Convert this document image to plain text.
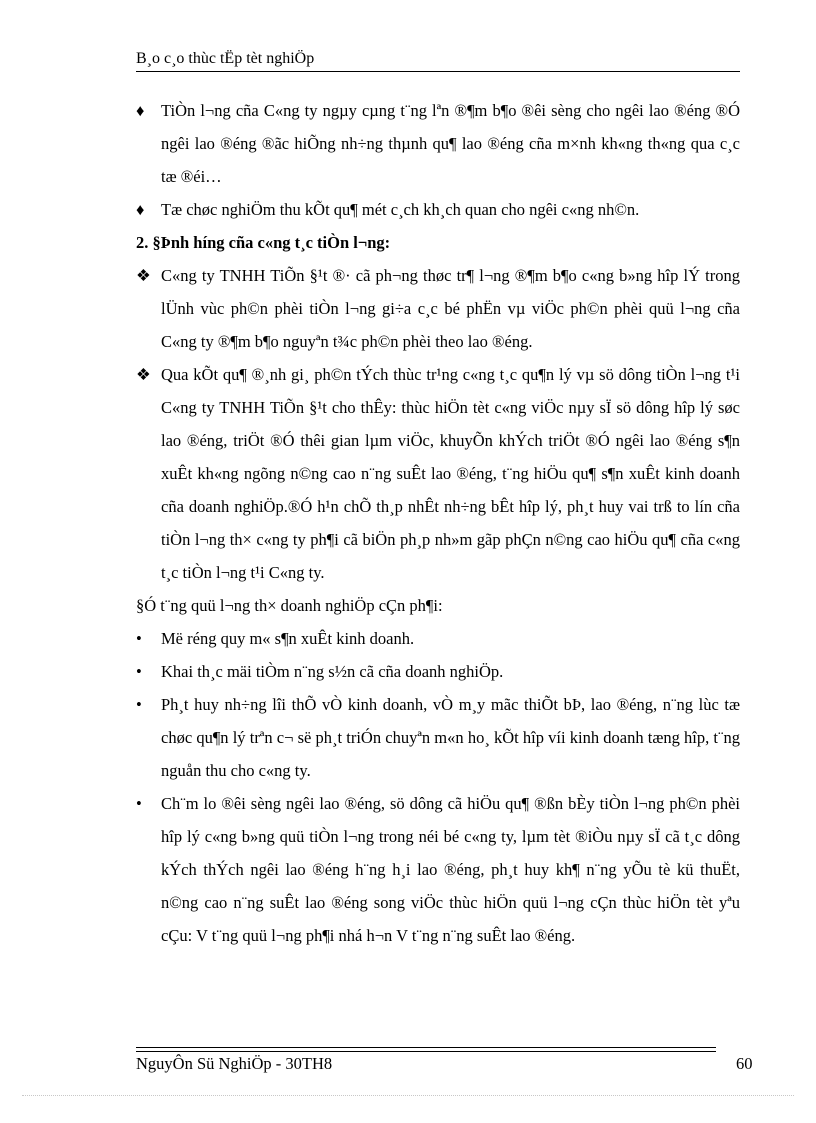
B¸o c¸o thùc tËp tèt nghiÖp
♦	TiÒn l¬ng cña C«ng ty ngµy cµng t¨ng lªn ®¶m b¶o ®êi sèng cho ngêi lao ®éng ®Ó ngêi lao ®éng ®ãc hiÕng nh÷ng thµnh qu¶ lao ®éng cña m×nh kh«ng th«ng qua c¸c tæ ®éi…
♦	Tæ chøc nghiÖm thu kÕt qu¶ mét c¸ch kh¸ch quan cho ngêi c«ng nh©n.
2. §Þnh híng cña c«ng t¸c tiÒn l¬ng:
❖ C«ng ty TNHH TiÕn §¹t ®· cã ph¬ng thøc tr¶ l¬ng ®¶m b¶o c«ng b»ng hîp lÝ trong lÜnh vùc ph©n phèi tiÒn l¬ng gi÷a c¸c bé phËn vµ viÖc ph©n phèi quü l¬ng cña C«ng ty ®¶m b¶o nguyªn t¾c ph©n phèi theo lao ®éng.
❖ Qua kÕt qu¶ ®¸nh gi¸ ph©n tÝch thùc tr¹ng c«ng t¸c qu¶n lý vµ sö dông tiÒn l¬ng t¹i C«ng ty TNHH TiÕn §¹t cho thÊy: thùc hiÖn tèt c«ng viÖc nµy sÏ sö dông hîp lý søc lao ®éng, triÖt ®Ó thêi gian lµm viÖc, khuyÕn khÝch triÖt ®Ó ngêi lao ®éng s¶n xuÊt kh«ng ngõng n©ng cao n¨ng suÊt lao ®éng, t¨ng hiÖu qu¶ s¶n xuÊt kinh doanh cña doanh nghiÖp.®Ó h¹n chÕ th¸p nhÊt nh÷ng bÊt hîp lý, ph¸t huy vai trß to lín cña tiÒn l¬ng th× c«ng ty ph¶i cã biÖn ph¸p nh»m gãp phÇn n©ng cao hiÖu qu¶ cña c«ng t¸c tiÒn l¬ng t¹i C«ng ty.
§Ó t¨ng quü l¬ng th× doanh nghiÖp cÇn ph¶i:
•	Më réng quy m« s¶n xuÊt kinh doanh.
•	Khai th¸c mäi tiÒm n¨ng s½n cã cña doanh nghiÖp.
•	Ph¸t huy nh÷ng lîi thÕ vÒ kinh doanh, vÒ m¸y mãc thiÕt bÞ, lao ®éng, n¨ng lùc tæ chøc qu¶n lý trªn c¬ së ph¸t triÓn chuyªn m«n ho¸ kÕt hîp víi kinh doanh tæng hîp, t¨ng nguån thu cho c«ng ty.
•	Ch¨m lo ®êi sèng ngêi lao ®éng, sö dông cã hiÖu qu¶ ®ßn bÈy tiÒn l¬ng ph©n phèi hîp lý c«ng b»ng quü tiÒn l¬ng trong néi bé c«ng ty, lµm tèt ®iÒu nµy sÏ cã t¸c dông kÝch thÝch ngêi lao ®éng h¨ng h¸i lao ®éng, ph¸t huy kh¶ n¨ng yÕu tè kü thuËt, n©ng cao n¨ng suÊt lao ®éng song viÖc thùc hiÖn quü l¬ng cÇn thùc hiÖn tèt yªu cÇu: V t¨ng quü l¬ng ph¶i nhá h¬n V t¨ng n¨ng suÊt lao ®éng.
NguyÔn Sü NghiÖp - 30TH8	60
